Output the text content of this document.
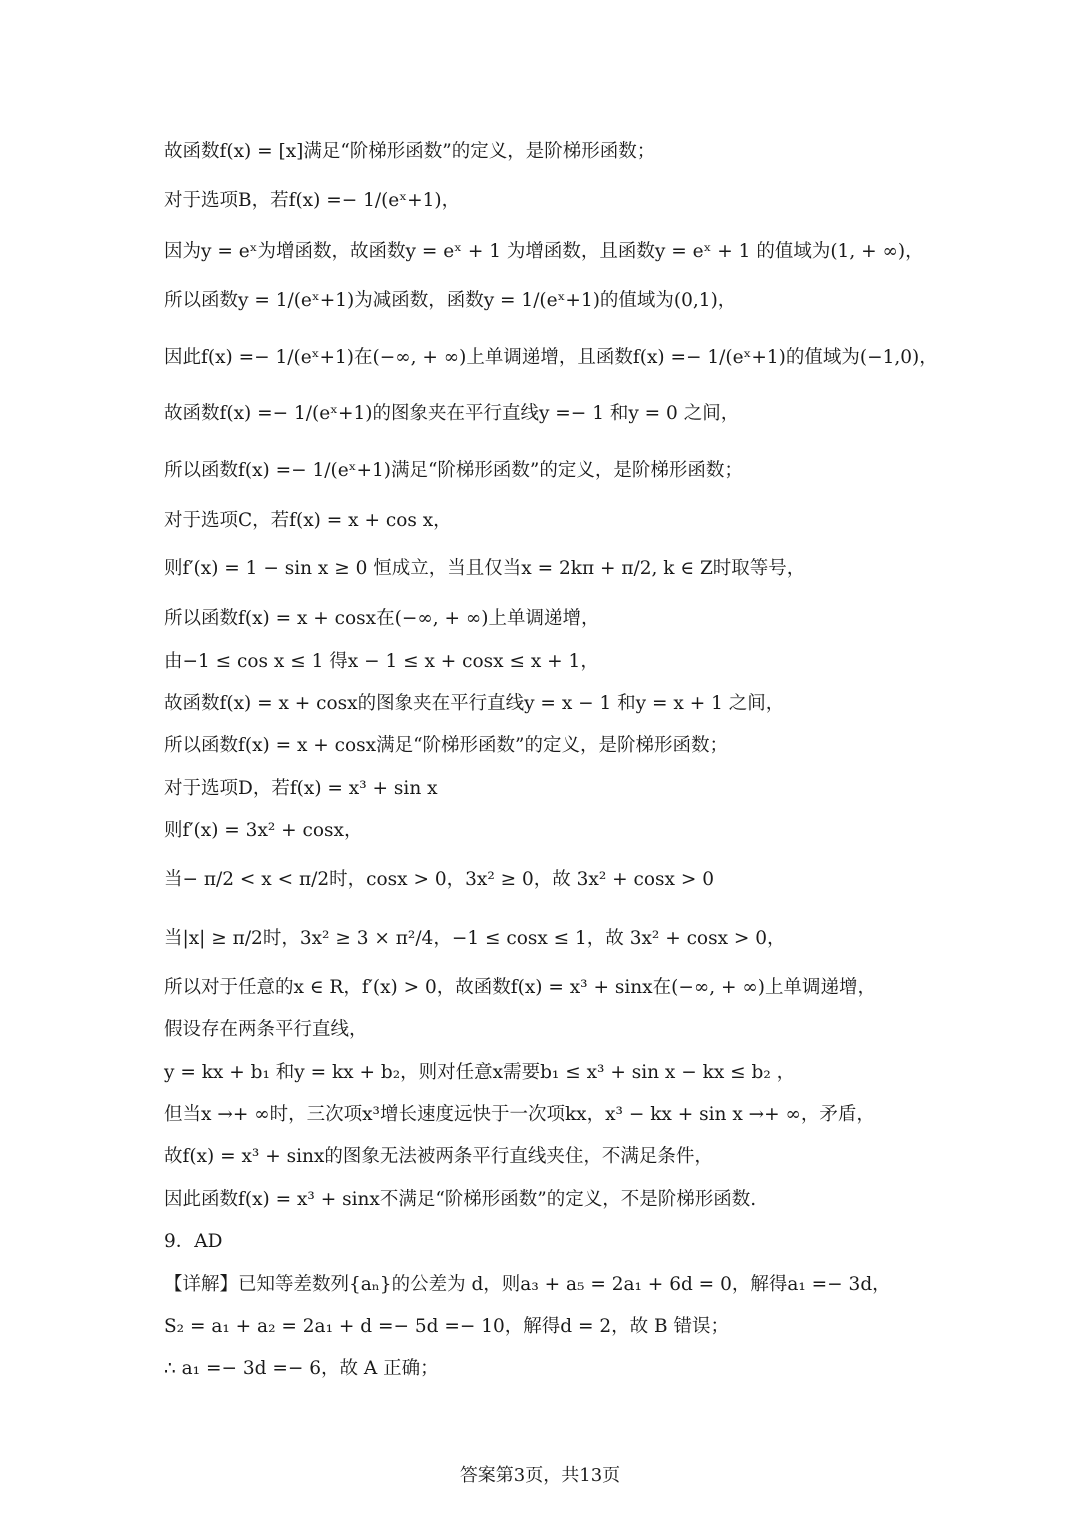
故函数f(x) = [x]满足“阶梯形函数”的定义，是阶梯形函数；
对于选项B，若f(x) =− 1/(eˣ+1)，
因为y = eˣ为增函数，故函数y = eˣ + 1 为增函数，且函数y = eˣ + 1 的值域为(1, + ∞)，
所以函数y = 1/(eˣ+1)为减函数，函数y = 1/(eˣ+1)的值域为(0,1)，
因此f(x) =− 1/(eˣ+1)在(−∞, + ∞)上单调递增，且函数f(x) =− 1/(eˣ+1)的值域为(−1,0)，
故函数f(x) =− 1/(eˣ+1)的图象夹在平行直线y =− 1 和y = 0 之间，
所以函数f(x) =− 1/(eˣ+1)满足“阶梯形函数”的定义，是阶梯形函数；
对于选项C，若f(x) = x + cos x，
则f′(x) = 1 − sin x ≥ 0 恒成立，当且仅当x = 2kπ + π/2, k ∈ Z时取等号，
所以函数f(x) = x + cosx在(−∞, + ∞)上单调递增，
由−1 ≤ cos x ≤ 1 得x − 1 ≤ x + cosx ≤ x + 1，
故函数f(x) = x + cosx的图象夹在平行直线y = x − 1 和y = x + 1 之间，
所以函数f(x) = x + cosx满足“阶梯形函数”的定义，是阶梯形函数；
对于选项D，若f(x) = x³ + sin x
则f′(x) = 3x² + cosx，
当− π/2 < x < π/2时，cosx > 0，3x² ≥ 0，故 3x² + cosx > 0
当|x| ≥ π/2时，3x² ≥ 3 × π²/4，−1 ≤ cosx ≤ 1，故 3x² + cosx > 0，
所以对于任意的x ∈ R，f′(x) > 0，故函数f(x) = x³ + sinx在(−∞, + ∞)上单调递增，
假设存在两条平行直线，
y = kx + b₁ 和y = kx + b₂，则对任意x需要b₁ ≤ x³ + sin x − kx ≤ b₂ ，
但当x →+ ∞时，三次项x³增长速度远快于一次项kx，x³ − kx + sin x →+ ∞，矛盾，
故f(x) = x³ + sinx的图象无法被两条平行直线夹住，不满足条件，
因此函数f(x) = x³ + sinx不满足“阶梯形函数”的定义，不是阶梯形函数.
9．AD
【详解】已知等差数列{aₙ}的公差为 d，则a₃ + a₅ = 2a₁ + 6d = 0，解得a₁ =− 3d，
S₂ = a₁ + a₂ = 2a₁ + d =− 5d =− 10，解得d = 2，故 B 错误；
∴ a₁ =− 3d =− 6，故 A 正确；
答案第3页，共13页
